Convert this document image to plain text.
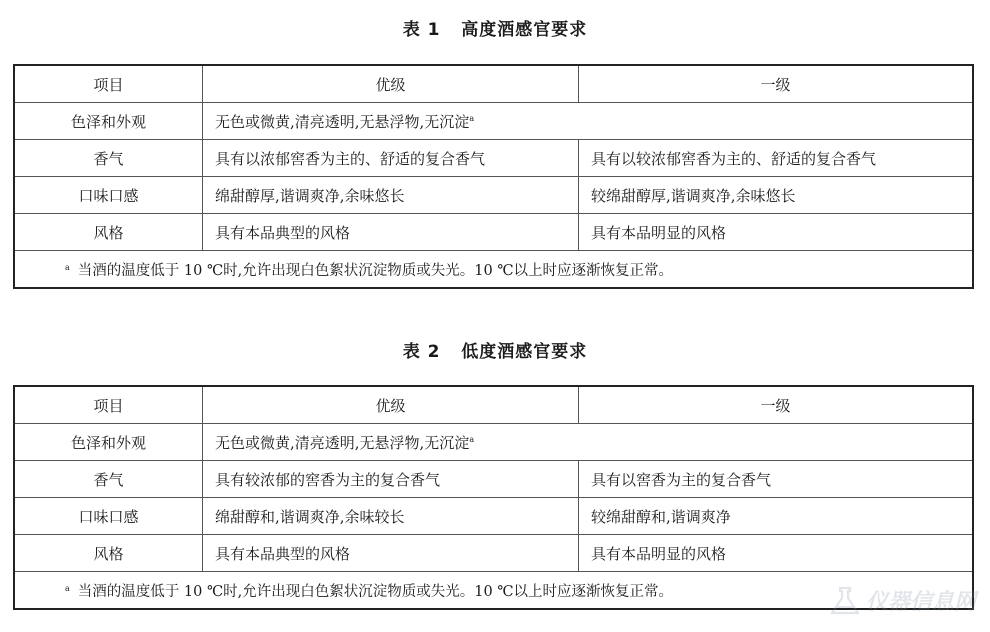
表 1   高度酒感官要求
项目	优级	一级
色泽和外观	无色或微黄,清亮透明,无悬浮物,无沉淀$^a$
香气	具有以浓郁窖香为主的、舒适的复合香气	具有以较浓郁窖香为主的、舒适的复合香气
口味口感	绵甜醇厚,谐调爽净,余味悠长	较绵甜醇厚,谐调爽净,余味悠长
风格	具有本品典型的风格	具有本品明显的风格
$^a$ 当酒的温度低于 10 ℃时,允许出现白色絮状沉淀物质或失光。10 ℃以上时应逐渐恢复正常。		
表 2   低度酒感官要求
项目	优级	一级
色泽和外观	无色或微黄,清亮透明,无悬浮物,无沉淀$^a$
香气	具有较浓郁的窖香为主的复合香气	具有以窖香为主的复合香气
口味口感	绵甜醇和,谐调爽净,余味较长	较绵甜醇和,谐调爽净
风格	具有本品典型的风格	具有本品明显的风格
$^a$ 当酒的温度低于 10 ℃时,允许出现白色絮状沉淀物质或失光。10 ℃以上时应逐渐恢复正常。			仪器信息网
